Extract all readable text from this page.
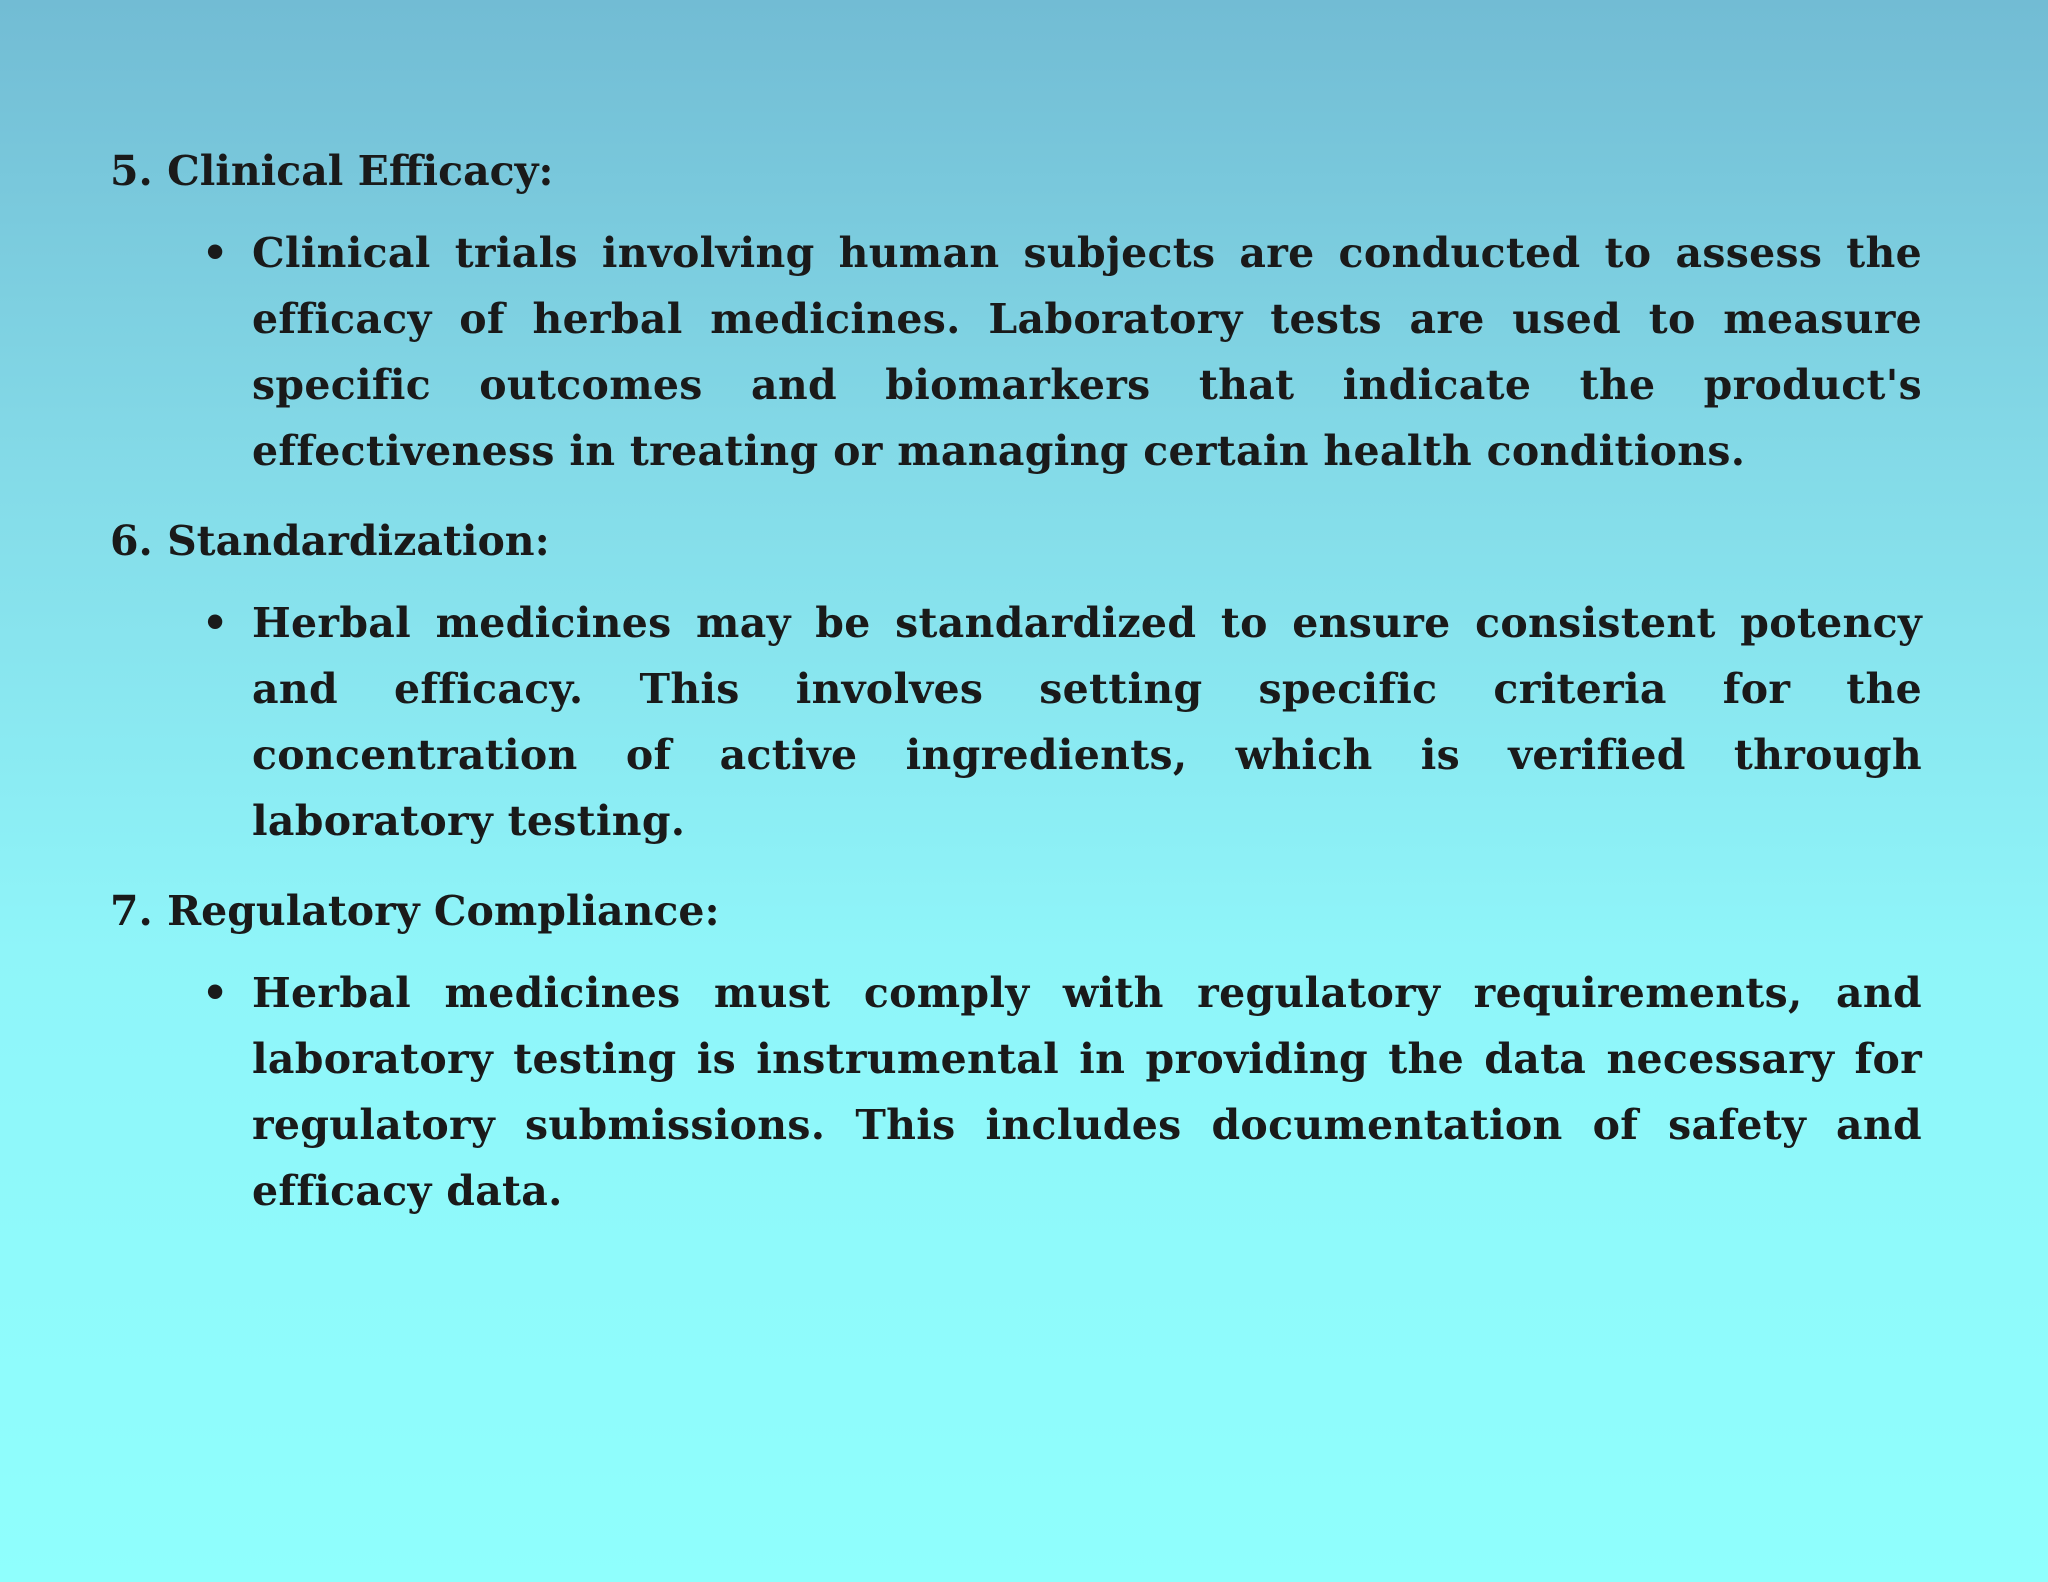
5. Clinical Efficacy:
• Clinical trials involving human subjects are conducted to assess the efficacy of herbal medicines. Laboratory tests are used to measure specific outcomes and biomarkers that indicate the product's effectiveness in treating or managing certain health conditions.
6. Standardization:
• Herbal medicines may be standardized to ensure consistent potency and efficacy. This involves setting specific criteria for the concentration of active ingredients, which is verified through laboratory testing.
7. Regulatory Compliance:
• Herbal medicines must comply with regulatory requirements, and laboratory testing is instrumental in providing the data necessary for regulatory submissions. This includes documentation of safety and efficacy data.
